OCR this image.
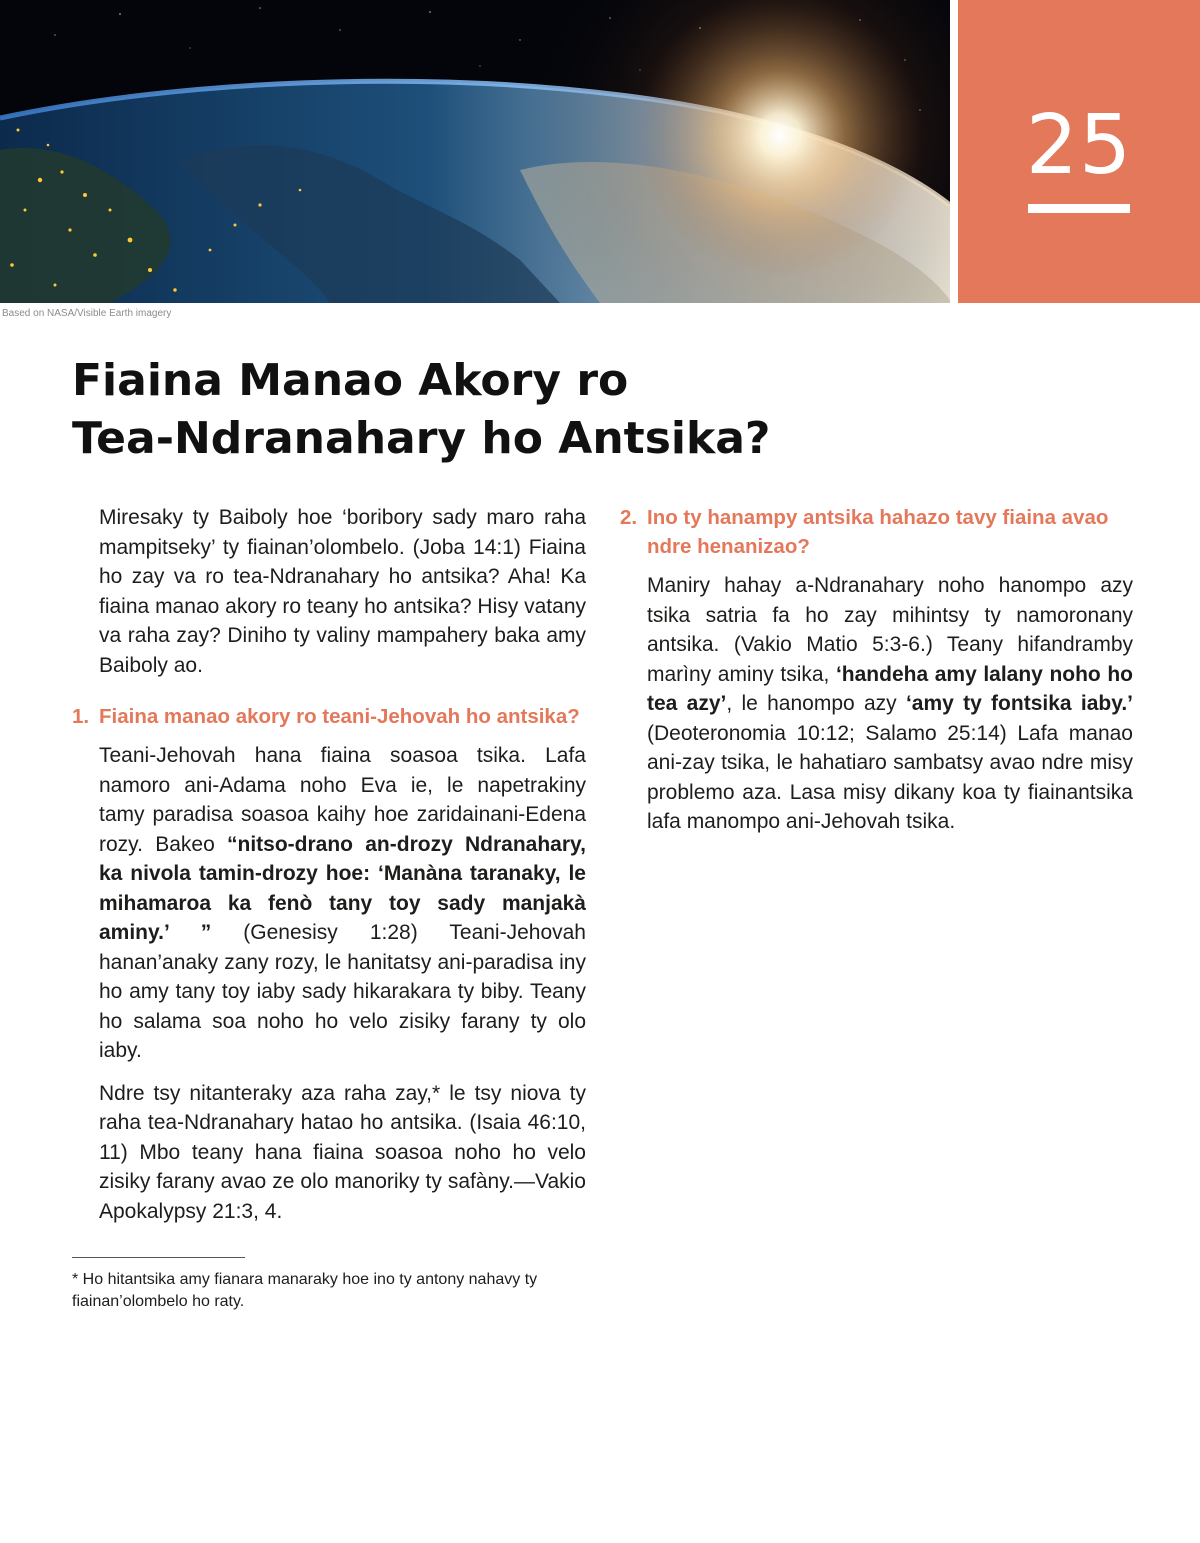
25
Based on NASA/Visible Earth imagery
Fiaina Manao Akory ro
Tea-Ndranahary ho Antsika?

Miresaky ty Baiboly hoe ‘boribory sady maro raha mampitseky’ ty fiainan’olombelo. (Joba 14:1) Fiaina ho zay va ro tea-Ndranahary ho antsika? Aha! Ka fiaina manao akory ro teany ho antsika? Hisy vatany va raha zay? Diniho ty valiny mampahery baka amy Baiboly ao.

1. Fiaina manao akory ro teani-Jehovah ho antsika?

Teani-Jehovah hana fiaina soasoa tsika. Lafa namoro ani-Adama noho Eva ie, le napetrakiny tamy paradisa soasoa kaihy hoe zaridainani-Edena rozy. Bakeo “nitso-drano an-drozy Ndranahary, ka nivola tamin-drozy hoe: ‘Manàna taranaky, le mihamaroa ka fenò tany toy sady manjakà aminy.’ ” (Genesisy 1:28) Teani-Jehovah hanan’anaky zany rozy, le hanitatsy ani-paradisa iny ho amy tany toy iaby sady hikarakara ty biby. Teany ho salama soa noho ho velo zisiky farany ty olo iaby.

Ndre tsy nitanteraky aza raha zay,* le tsy niova ty raha tea-Ndranahary hatao ho antsika. (Isaia 46:10, 11) Mbo teany hana fiaina soasoa noho ho velo zisiky farany avao ze olo manoriky ty safàny.—Vakio Apokalypsy 21:3, 4.

2. Ino ty hanampy antsika hahazo tavy fiaina avao ndre henanizao?

Maniry hahay a-Ndranahary noho hanompo azy tsika satria fa ho zay mihintsy ty namoronany antsika. (Vakio Matio 5:3-6.) Teany hifandramby marìny aminy tsika, ‘handeha amy lalany noho ho tea azy’, le hanompo azy ‘amy ty fontsika iaby.’ (Deoteronomia 10:12; Salamo 25:14) Lafa manao ani-zay tsika, le hahatiaro sambatsy avao ndre misy problemo aza. Lasa misy dikany koa ty fiainantsika lafa manompo ani-Jehovah tsika.

* Ho hitantsika amy fianara manaraky hoe ino ty antony nahavy ty fiainan’olombelo ho raty.
